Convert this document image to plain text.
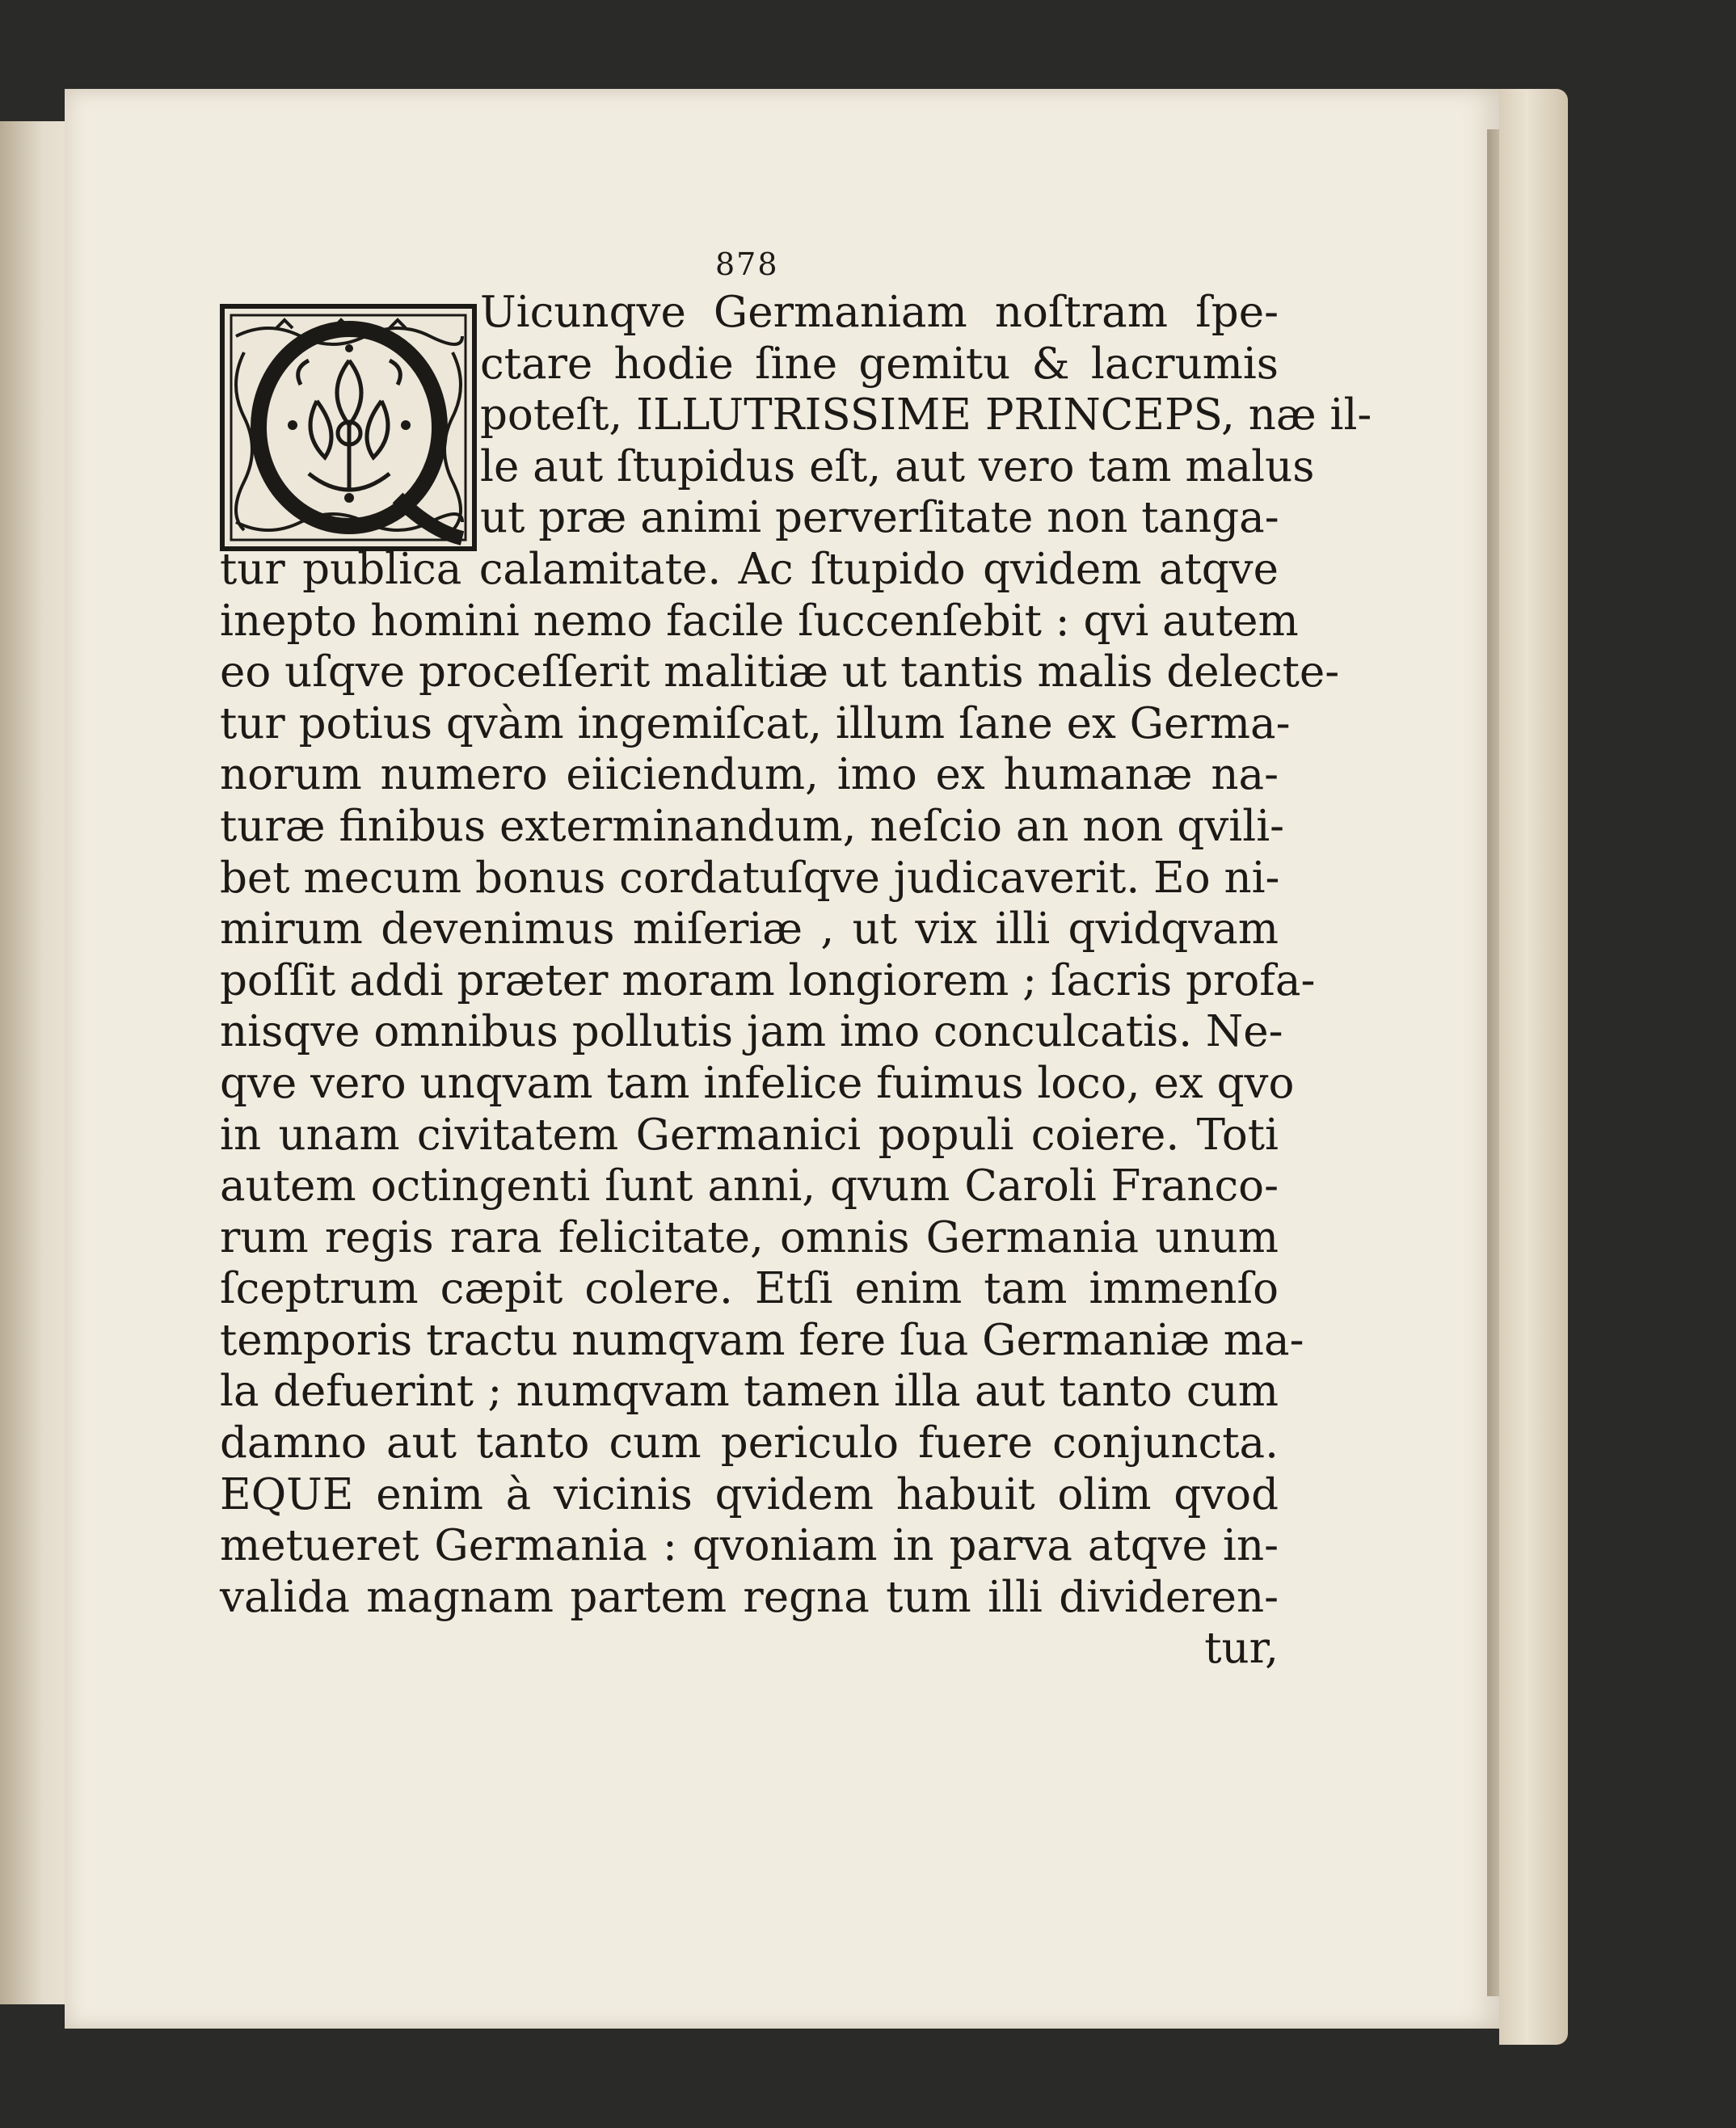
878
Uicunqve Germaniam noſtram ſpe-
ctare hodie ſine gemitu & lacrumis
poteſt, ILLUTRISSIME PRINCEPS, næ il-
le aut ſtupidus eſt, aut vero tam malus
ut præ animi perverſitate non tanga-
tur publica calamitate. Ac ſtupido qvidem atqve
inepto homini nemo facile ſuccenſebit : qvi autem
eo uſqve proceſſerit malitiæ ut tantis malis delecte-
tur potius qvàm ingemiſcat, illum ſane ex Germa-
norum numero eiiciendum, imo ex humanæ na-
turæ finibus exterminandum, neſcio an non qvili-
bet mecum bonus cordatuſqve judicaverit. Eo ni-
mirum devenimus miſeriæ , ut vix illi qvidqvam
poſſit addi præter moram longiorem ; ſacris profa-
nisqve omnibus pollutis jam imo conculcatis. Ne-
qve vero unqvam tam infelice fuimus loco, ex qvo
in unam civitatem Germanici populi coiere. Toti
autem octingenti ſunt anni, qvum Caroli Franco-
rum regis rara felicitate, omnis Germania unum
ſceptrum cæpit colere. Etſi enim tam immenſo
temporis tractu numqvam fere ſua Germaniæ ma-
la defuerint ; numqvam tamen illa aut tanto cum
damno aut tanto cum periculo fuere conjuncta.
EQUE enim à vicinis qvidem habuit olim qvod
metueret Germania : qvoniam in parva atqve in-
valida magnam partem regna tum illi divideren-
tur,
